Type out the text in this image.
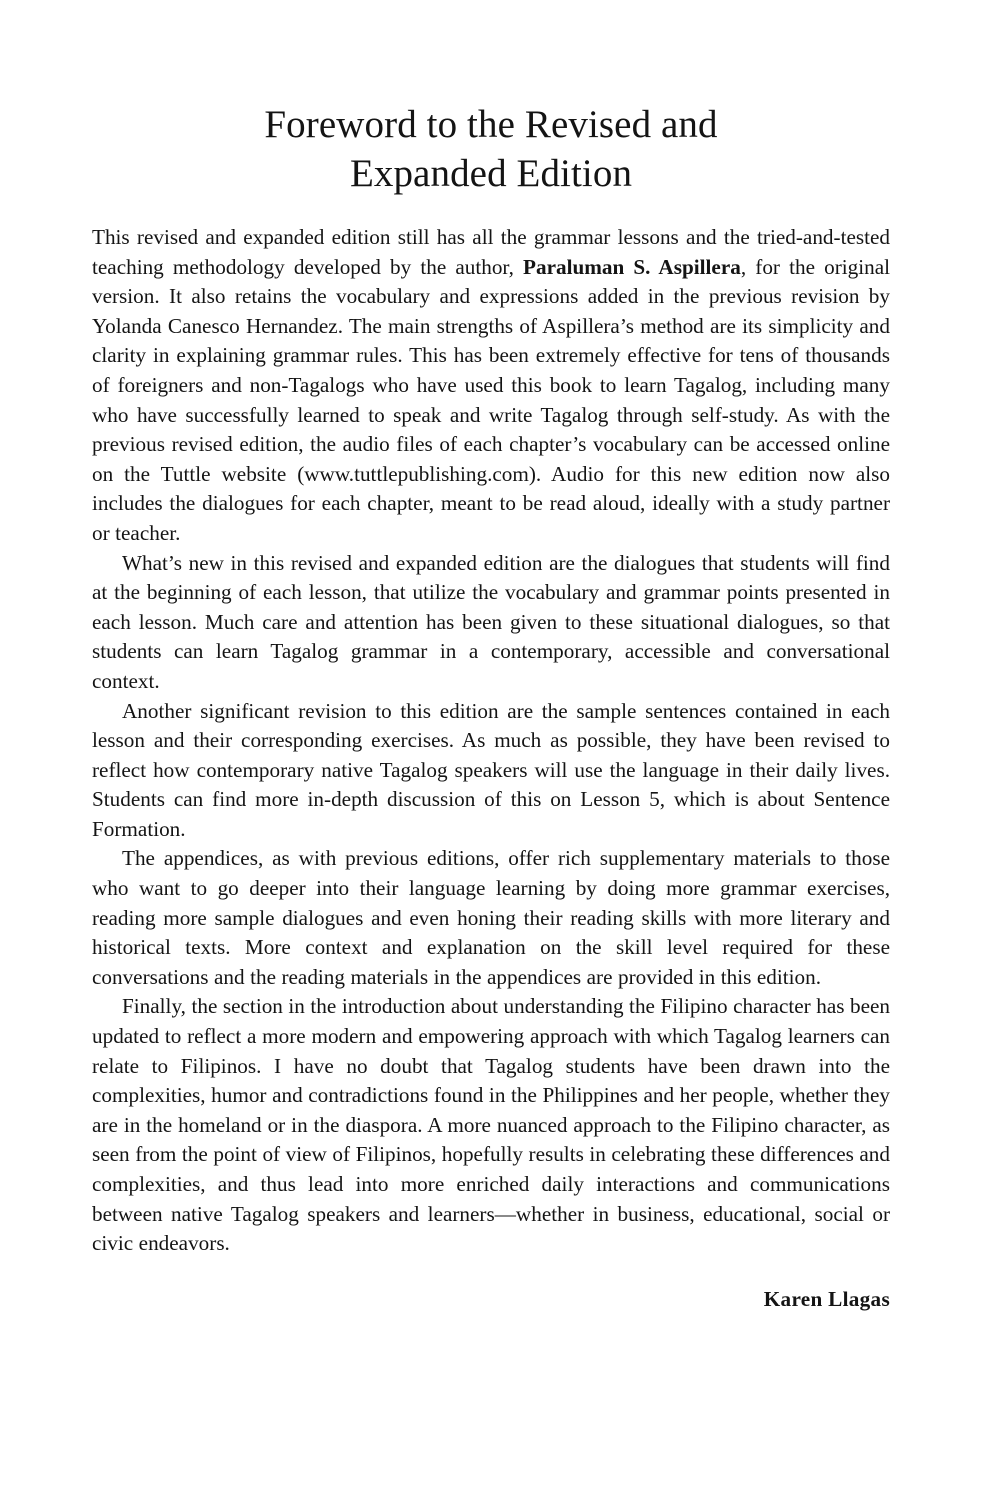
Foreword to the Revised and
Expanded Edition

This revised and expanded edition still has all the grammar lessons and the tried-and-tested teaching methodology developed by the author, Paraluman S. Aspillera, for the original version. It also retains the vocabulary and expressions added in the previous revision by Yolanda Canesco Hernandez. The main strengths of Aspillera’s method are its simplicity and clarity in explaining grammar rules. This has been extremely effective for tens of thousands of foreigners and non-Tagalogs who have used this book to learn Tagalog, including many who have successfully learned to speak and write Tagalog through self-study. As with the previous revised edition, the audio files of each chapter’s vocabulary can be accessed online on the Tuttle website (www.tuttlepublishing.com). Audio for this new edition now also includes the dialogues for each chapter, meant to be read aloud, ideally with a study partner or teacher.

What’s new in this revised and expanded edition are the dialogues that students will find at the beginning of each lesson, that utilize the vocabulary and grammar points presented in each lesson. Much care and attention has been given to these situational dialogues, so that students can learn Tagalog grammar in a contemporary, accessible and conversational context.

Another significant revision to this edition are the sample sentences contained in each lesson and their corresponding exercises. As much as possible, they have been revised to reflect how contemporary native Tagalog speakers will use the language in their daily lives. Students can find more in-depth discussion of this on Lesson 5, which is about Sentence Formation.

The appendices, as with previous editions, offer rich supplementary materials to those who want to go deeper into their language learning by doing more grammar exercises, reading more sample dialogues and even honing their reading skills with more literary and historical texts. More context and explanation on the skill level required for these conversations and the reading materials in the appendices are provided in this edition.

Finally, the section in the introduction about understanding the Filipino character has been updated to reflect a more modern and empowering approach with which Tagalog learners can relate to Filipinos. I have no doubt that Tagalog students have been drawn into the complexities, humor and contradictions found in the Philippines and her people, whether they are in the homeland or in the diaspora. A more nuanced approach to the Filipino character, as seen from the point of view of Filipinos, hopefully results in celebrating these differences and complexities, and thus lead into more enriched daily interactions and communications between native Tagalog speakers and learners—whether in business, educational, social or civic endeavors.

Karen Llagas
